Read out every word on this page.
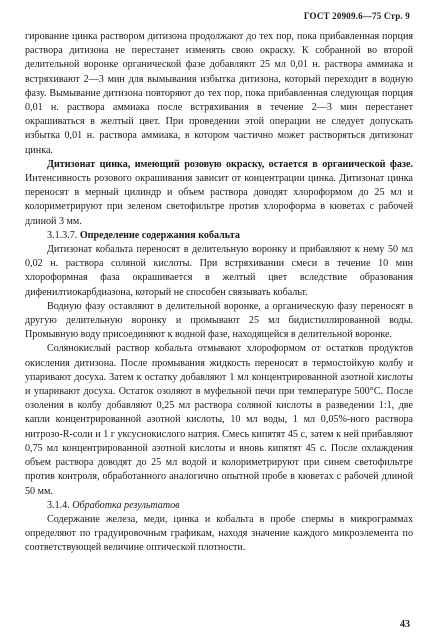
ГОСТ 20909.6—75 Стр. 9

гирование цинка раствором дитизона продолжают до тех пор, пока прибавленная порция раствора дитизона не перестанет изменять свою окраску. К собранной во второй делительной воронке органической фазе добавляют 25 мл 0,01 н. раствора аммиака и встряхивают 2—3 мин для вымывания избытка дитизона, который переходит в водную фазу. Вымывание дитизона повторяют до тех пор, пока прибавленная следующая порция 0,01 н. раствора аммиака после встряхивания в течение 2—3 мин перестанет окрашиваться в желтый цвет. При проведении этой операции не следует допускать избытка 0,01 н. раствора аммиака, в котором частично может растворяться дитизонат цинка.

Дитизонат цинка, имеющий розовую окраску, остается в органической фазе. Интенсивность розового окрашивания зависит от концентрации цинка. Дитизонат цинка переносят в мерный цилиндр и объем раствора доводят хлороформом до 25 мл и колориметрируют при зеленом светофильтре против хлороформа в кюветах с рабочей длиной 3 мм.

3.1.3.7. Определение содержания кобальта

Дитизонат кобальта переносят в делительную воронку и прибавляют к нему 50 мл 0,02 н. раствора соляной кислоты. При встряхивании смеси в течение 10 мин хлороформная фаза окрашивается в желтый цвет вследствие образования дифенилтиокарбдиазона, который не способен связывать кобальт.

Водную фазу оставляют в делительной воронке, а органическую фазу переносят в другую делительную воронку и промывают 25 мл бидистиллированной воды. Промывную воду присоединяют к водной фазе, находящейся в делительной воронке.

Солянокислый раствор кобальта отмывают хлороформом от остатков продуктов окисления дитизона. После промывания жидкость переносят в термостойкую колбу и упаривают досуха. Затем к остатку добавляют 1 мл концентрированной азотной кислоты и упаривают досуха. Остаток озоляют в муфельной печи при температуре 500°С. После озоления в колбу добавляют 0,25 мл раствора соляной кислоты в разведении 1:1, две капли концентрированной азотной кислоты, 10 мл воды, 1 мл 0,05%-ного раствора нитрозо-R-соли и 1 г уксуснокислого натрия. Смесь кипятят 45 с, затем к ней прибавляют 0,75 мл концентрированной азотной кислоты и вновь кипятят 45 с. После охлаждения объем раствора доводят до 25 мл водой и колориметрируют при синем светофильтре против контроля, обработанного аналогично опытной пробе в кюветах с рабочей длиной 50 мм.

3.1.4. Обработка результатов

Содержание железа, меди, цинка и кобальта в пробе спермы в микрограммах определяют по градуировочным графикам, находя значение каждого микроэлемента по соответствующей величине оптической плотности.

43
